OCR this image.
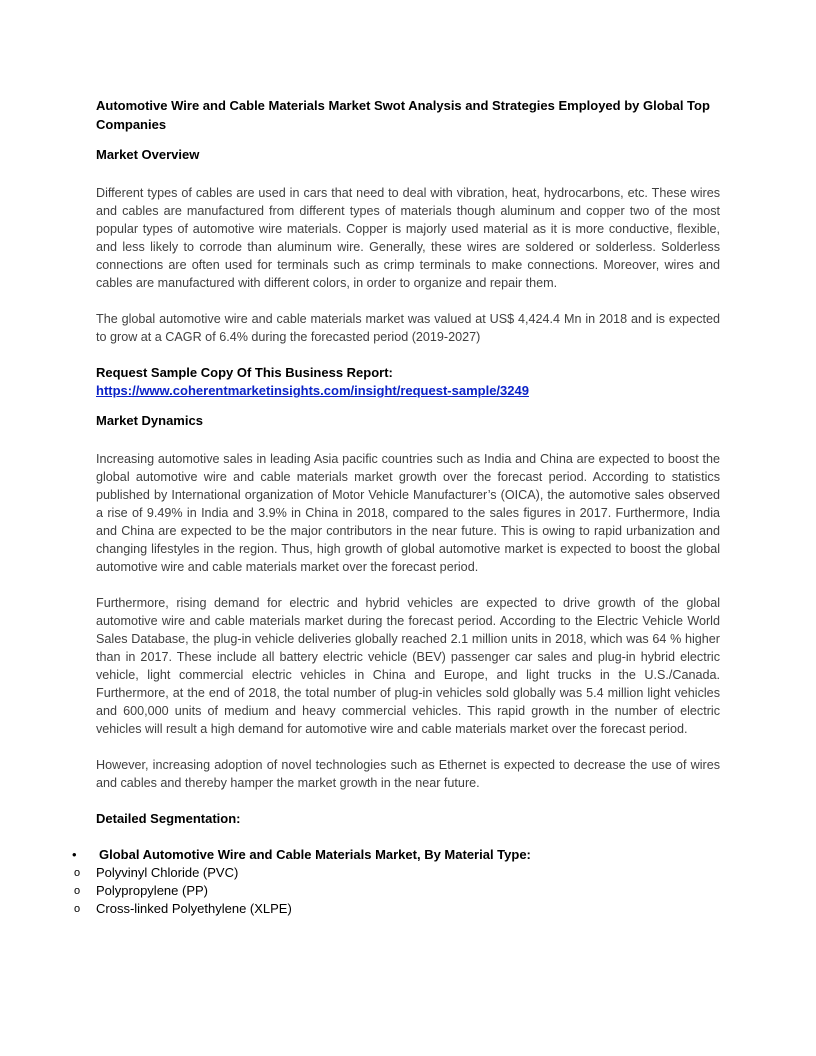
Automotive Wire and Cable Materials Market Swot Analysis and Strategies Employed by Global Top Companies

Market Overview

Different types of cables are used in cars that need to deal with vibration, heat, hydrocarbons, etc. These wires and cables are manufactured from different types of materials though aluminum and copper two of the most popular types of automotive wire materials. Copper is majorly used material as it is more conductive, flexible, and less likely to corrode than aluminum wire. Generally, these wires are soldered or solderless. Solderless connections are often used for terminals such as crimp terminals to make connections. Moreover, wires and cables are manufactured with different colors, in order to organize and repair them.

The global automotive wire and cable materials market was valued at US$ 4,424.4 Mn in 2018 and is expected to grow at a CAGR of 6.4% during the forecasted period (2019-2027)

Request Sample Copy Of This Business Report:
https://www.coherentmarketinsights.com/insight/request-sample/3249

Market Dynamics

Increasing automotive sales in leading Asia pacific countries such as India and China are expected to boost the global automotive wire and cable materials market growth over the forecast period. According to statistics published by International organization of Motor Vehicle Manufacturer’s (OICA), the automotive sales observed a rise of 9.49% in India and 3.9% in China in 2018, compared to the sales figures in 2017. Furthermore, India and China are expected to be the major contributors in the near future. This is owing to rapid urbanization and changing lifestyles in the region. Thus, high growth of global automotive market is expected to boost the global automotive wire and cable materials market over the forecast period.

Furthermore, rising demand for electric and hybrid vehicles are expected to drive growth of the global automotive wire and cable materials market during the forecast period. According to the Electric Vehicle World Sales Database, the plug-in vehicle deliveries globally reached 2.1 million units in 2018, which was 64 % higher than in 2017. These include all battery electric vehicle (BEV) passenger car sales and plug-in hybrid electric vehicle, light commercial electric vehicles in China and Europe, and light trucks in the U.S./Canada. Furthermore, at the end of 2018, the total number of plug-in vehicles sold globally was 5.4 million light vehicles and 600,000 units of medium and heavy commercial vehicles. This rapid growth in the number of electric vehicles will result a high demand for automotive wire and cable materials market over the forecast period.

However, increasing adoption of novel technologies such as Ethernet is expected to decrease the use of wires and cables and thereby hamper the market growth in the near future.

Detailed Segmentation:

• Global Automotive Wire and Cable Materials Market, By Material Type:

o Polyvinyl Chloride (PVC)

o Polypropylene (PP)

o Cross-linked Polyethylene (XLPE)
